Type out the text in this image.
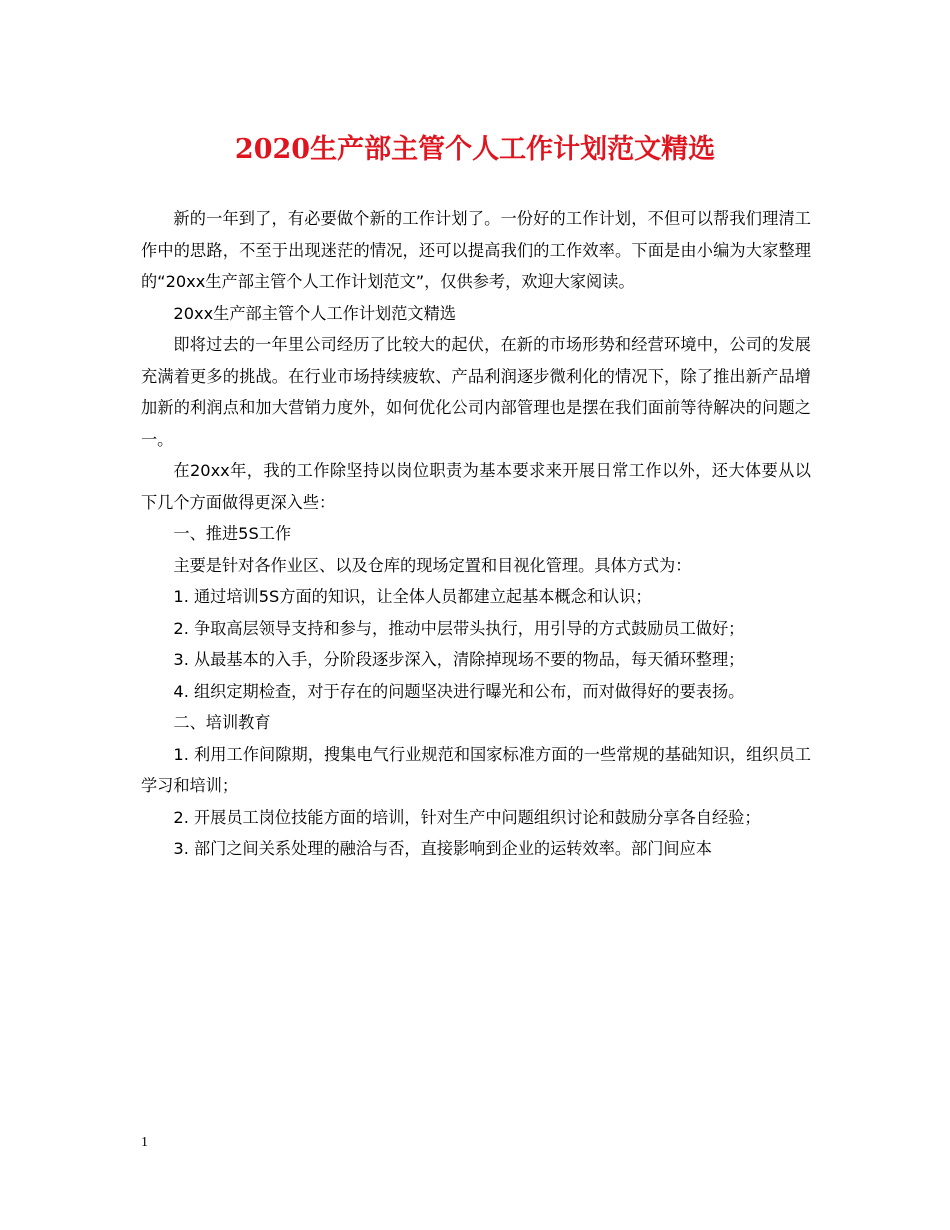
2020生产部主管个人工作计划范文精选

新的一年到了，有必要做个新的工作计划了。一份好的工作计划，不但可以帮我们理清工作中的思路，不至于出现迷茫的情况，还可以提高我们的工作效率。下面是由小编为大家整理的“20xx生产部主管个人工作计划范文”，仅供参考，欢迎大家阅读。

20xx生产部主管个人工作计划范文精选

即将过去的一年里公司经历了比较大的起伏，在新的市场形势和经营环境中，公司的发展充满着更多的挑战。在行业市场持续疲软、产品利润逐步微利化的情况下，除了推出新产品增加新的利润点和加大营销力度外，如何优化公司内部管理也是摆在我们面前等待解决的问题之一。

在20xx年，我的工作除坚持以岗位职责为基本要求来开展日常工作以外，还大体要从以下几个方面做得更深入些：

一、推进5S工作

主要是针对各作业区、以及仓库的现场定置和目视化管理。具体方式为：

1. 通过培训5S方面的知识，让全体人员都建立起基本概念和认识；

2. 争取高层领导支持和参与，推动中层带头执行，用引导的方式鼓励员工做好；

3. 从最基本的入手，分阶段逐步深入，清除掉现场不要的物品，每天循环整理；

4. 组织定期检查，对于存在的问题坚决进行曝光和公布，而对做得好的要表扬。

二、培训教育

1. 利用工作间隙期，搜集电气行业规范和国家标准方面的一些常规的基础知识，组织员工学习和培训；

2. 开展员工岗位技能方面的培训，针对生产中问题组织讨论和鼓励分享各自经验；

3. 部门之间关系处理的融洽与否，直接影响到企业的运转效率。部门间应本

1
